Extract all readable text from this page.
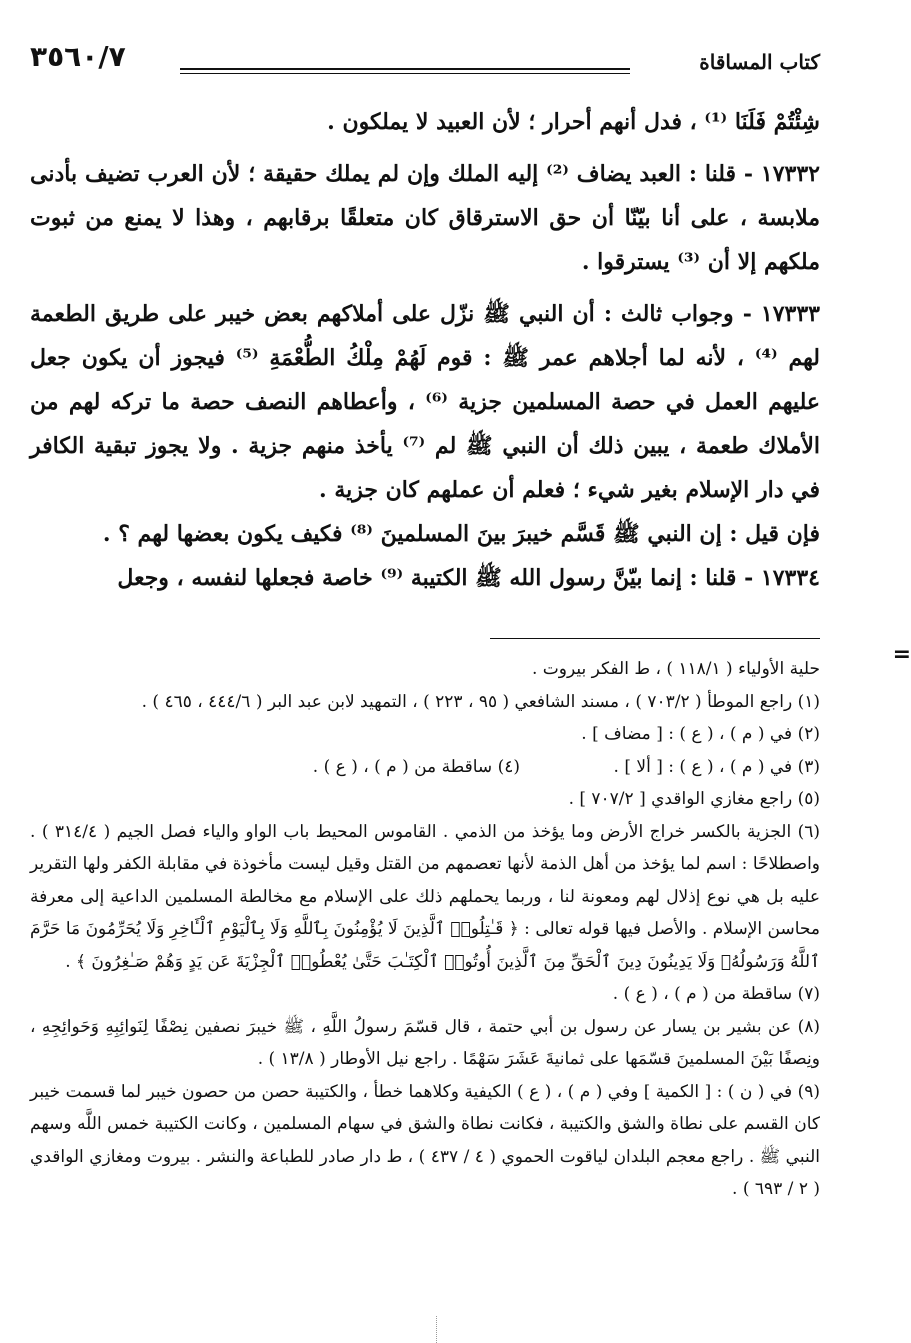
٣٥٦٠/٧	كتاب المساقاة

شِئْتُمْ فَلَنَا ⁽¹⁾ ، فدل أنهم أحرار ؛ لأن العبيد لا يملكون .

١٧٣٣٢ - قلنا : العبد يضاف ⁽²⁾ إليه الملك وإن لم يملك حقيقة ؛ لأن العرب تضيف بأدنى ملابسة ، على أنا بيّنّا أن حق الاسترقاق كان متعلقًا برقابهم ، وهذا لا يمنع من ثبوت ملكهم إلا أن ⁽³⁾ يسترقوا .

١٧٣٣٣ - وجواب ثالث : أن النبي ﷺ نزّل على أملاكهم بعض خيبر على طريق الطعمة لهم ⁽⁴⁾ ، لأنه لما أجلاهم عمر ﷺ : قوم لَهُمْ مِلْكُ الطُّعْمَةِ ⁽⁵⁾ فيجوز أن يكون جعل عليهم العمل في حصة المسلمين جزية ⁽⁶⁾ ، وأعطاهم النصف حصة ما تركه لهم من الأملاك طعمة ، يبين ذلك أن النبي ﷺ لم ⁽⁷⁾ يأخذ منهم جزية . ولا يجوز تبقية الكافر في دار الإسلام بغير شيء ؛ فعلم أن عملهم كان جزية .

فإن قيل : إن النبي ﷺ قَسَّم خيبرَ بينَ المسلمينَ ⁽⁸⁾ فكيف يكون بعضها لهم ؟ .

١٧٣٣٤ - قلنا : إنما بيّنَّ رسول الله ﷺ الكتيبة ⁽⁹⁾ خاصة فجعلها لنفسه ، وجعل

حلية الأولياء ( ١١٨/١ ) ، ط الفكر بيروت .

(١) راجع الموطأ ( ٧٠٣/٢ ) ، مسند الشافعي ( ٩٥ ، ٢٢٣ ) ، التمهيد لابن عبد البر ( ٤٤٤/٦ ، ٤٦٥ ) .

(٢) في ( م ) ، ( ع ) : [ مضاف ] .

(٣) في ( م ) ، ( ع ) : [ ألا ] .
(٤) ساقطة من ( م ) ، ( ع ) .

(٥) راجع مغازي الواقدي [ ٧٠٧/٢ ] .

(٦) الجزية بالكسر خراج الأرض وما يؤخذ من الذمي . القاموس المحيط باب الواو والياء فصل الجيم ( ٣١٤/٤ ) . واصطلاحًا : اسم لما يؤخذ من أهل الذمة لأنها تعصمهم من القتل وقيل ليست مأخوذة في مقابلة الكفر ولها التقرير عليه بل هي نوع إذلال لهم ومعونة لنا ، وربما يحملهم ذلك على الإسلام مع مخالطة المسلمين الداعية إلى معرفة محاسن الإسلام . والأصل فيها قوله تعالى : ﴿ قَـٰتِلُوا۟ ٱلَّذِينَ لَا يُؤْمِنُونَ بِٱللَّهِ وَلَا بِٱلْيَوْمِ ٱلْـَٔاخِرِ وَلَا يُحَرِّمُونَ مَا حَرَّمَ ٱللَّهُ وَرَسُولُهُۥ وَلَا يَدِينُونَ دِينَ ٱلْحَقِّ مِنَ ٱلَّذِينَ أُوتُوا۟ ٱلْكِتَـٰبَ حَتَّىٰ يُعْطُوا۟ ٱلْجِزْيَةَ عَن يَدٍ وَهُمْ صَـٰغِرُونَ ﴾ .

(٧) ساقطة من ( م ) ، ( ع ) .

(٨) عن بشير بن يسار عن رسول بن أبي حتمة ، قال قسّمَ رسولُ اللَّهِ ، ﷺ خيبرَ نصفين نِصْفًا لِنَوائِبِهِ وَحَوائِجِهِ ، ونِصفًا بَيْنَ المسلمينَ قسّمَها على ثمانيةَ عَشَرَ سَهْمًا . راجع نيل الأوطار ( ١٣/٨ ) .

(٩) في ( ن ) : [ الكمية ] وفي ( م ) ، ( ع ) الكيفية وكلاهما خطأ ، والكتيبة حصن من حصون خيبر لما قسمت خيبر كان القسم على نطاة والشق والكتيبة ، فكانت نطاة والشق في سهام المسلمين ، وكانت الكتيبة خمس اللَّه وسهم النبي ﷺ . راجع معجم البلدان لياقوت الحموي ( ٤ / ٤٣٧ ) ، ط دار صادر للطباعة والنشر . بيروت ومغازي الواقدي ( ٢ / ٦٩٣ ) .

=
